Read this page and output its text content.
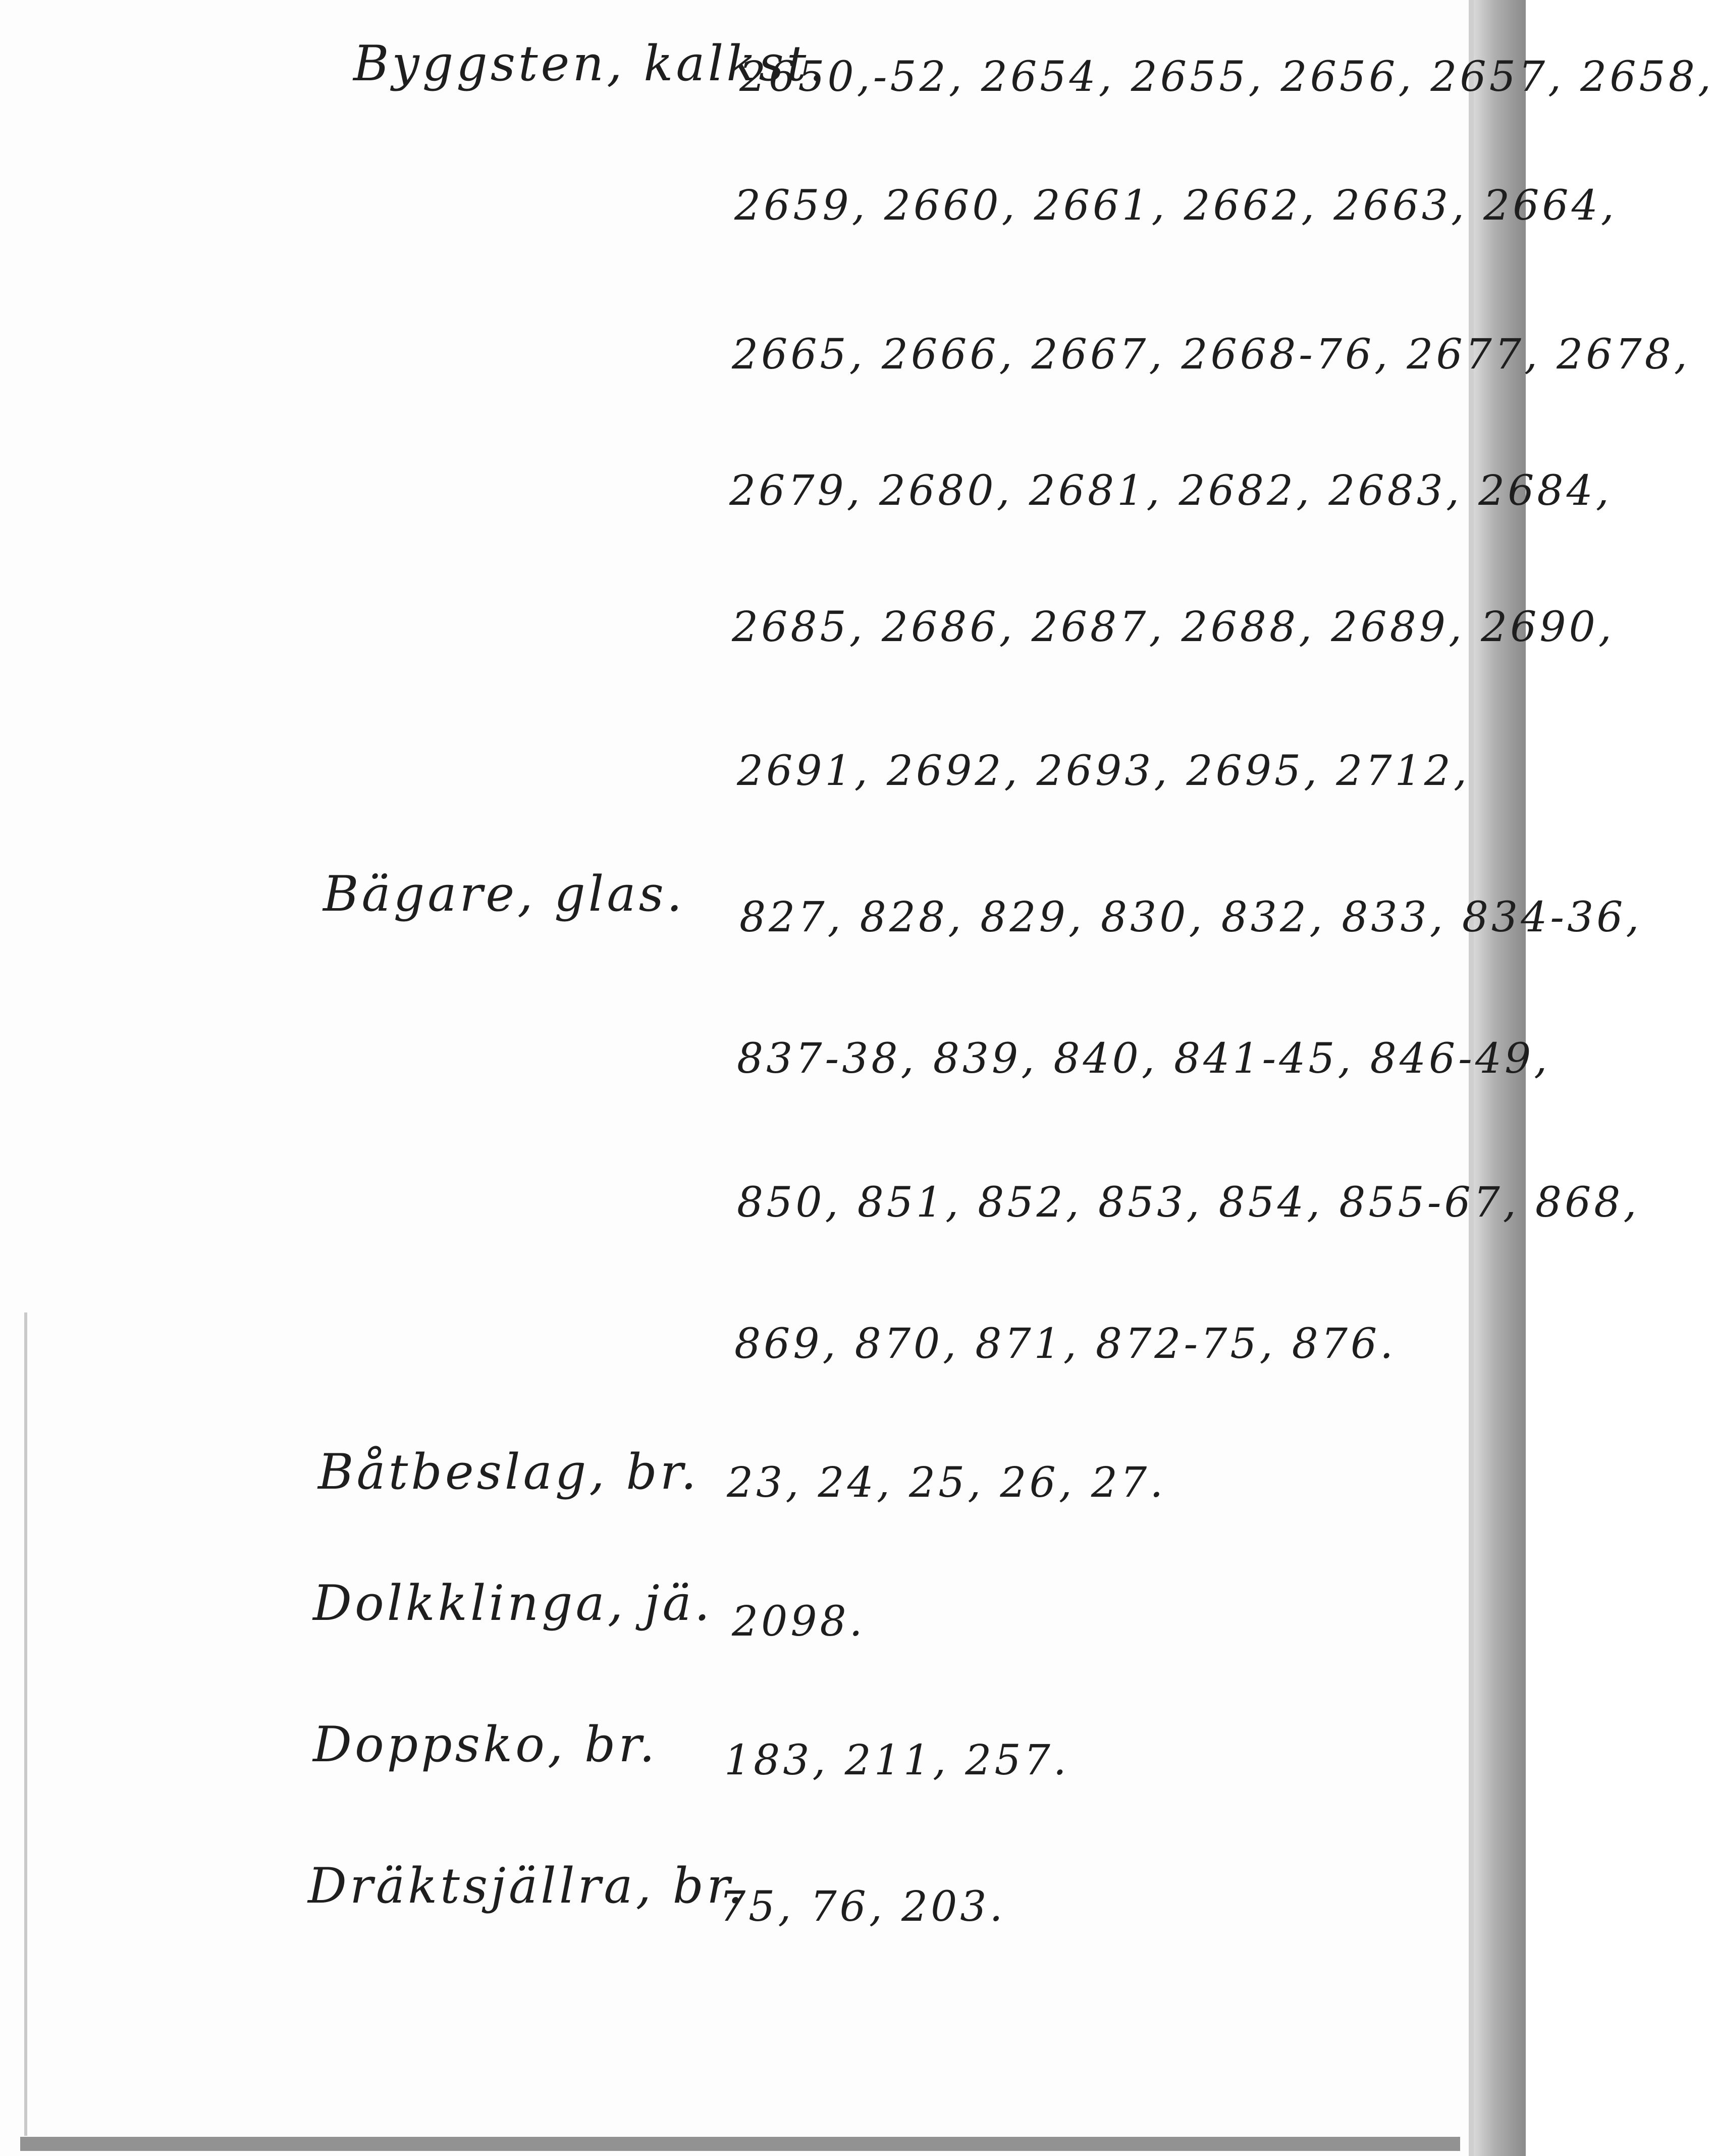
Byggsten, kalkst.
2650,-52, 2654, 2655, 2656, 2657, 2658,
2659, 2660, 2661, 2662, 2663, 2664,
2665, 2666, 2667, 2668-76, 2677, 2678,
2679, 2680, 2681, 2682, 2683, 2684,
2685, 2686, 2687, 2688, 2689, 2690,
2691, 2692, 2693, 2695, 2712,
Bägare, glas. 827, 828, 829, 830, 832, 833, 834-36,
837-38, 839, 840, 841-45, 846-49,
850, 851, 852, 853, 854, 855-67, 868,
869, 870, 871, 872-75, 876.
Båtbeslag, br. 23, 24, 25, 26, 27.
Dolkklinga, jä. 2098.
Doppsko, br. 183, 211, 257.
Dräktsjällra, br.
75, 76, 203.
